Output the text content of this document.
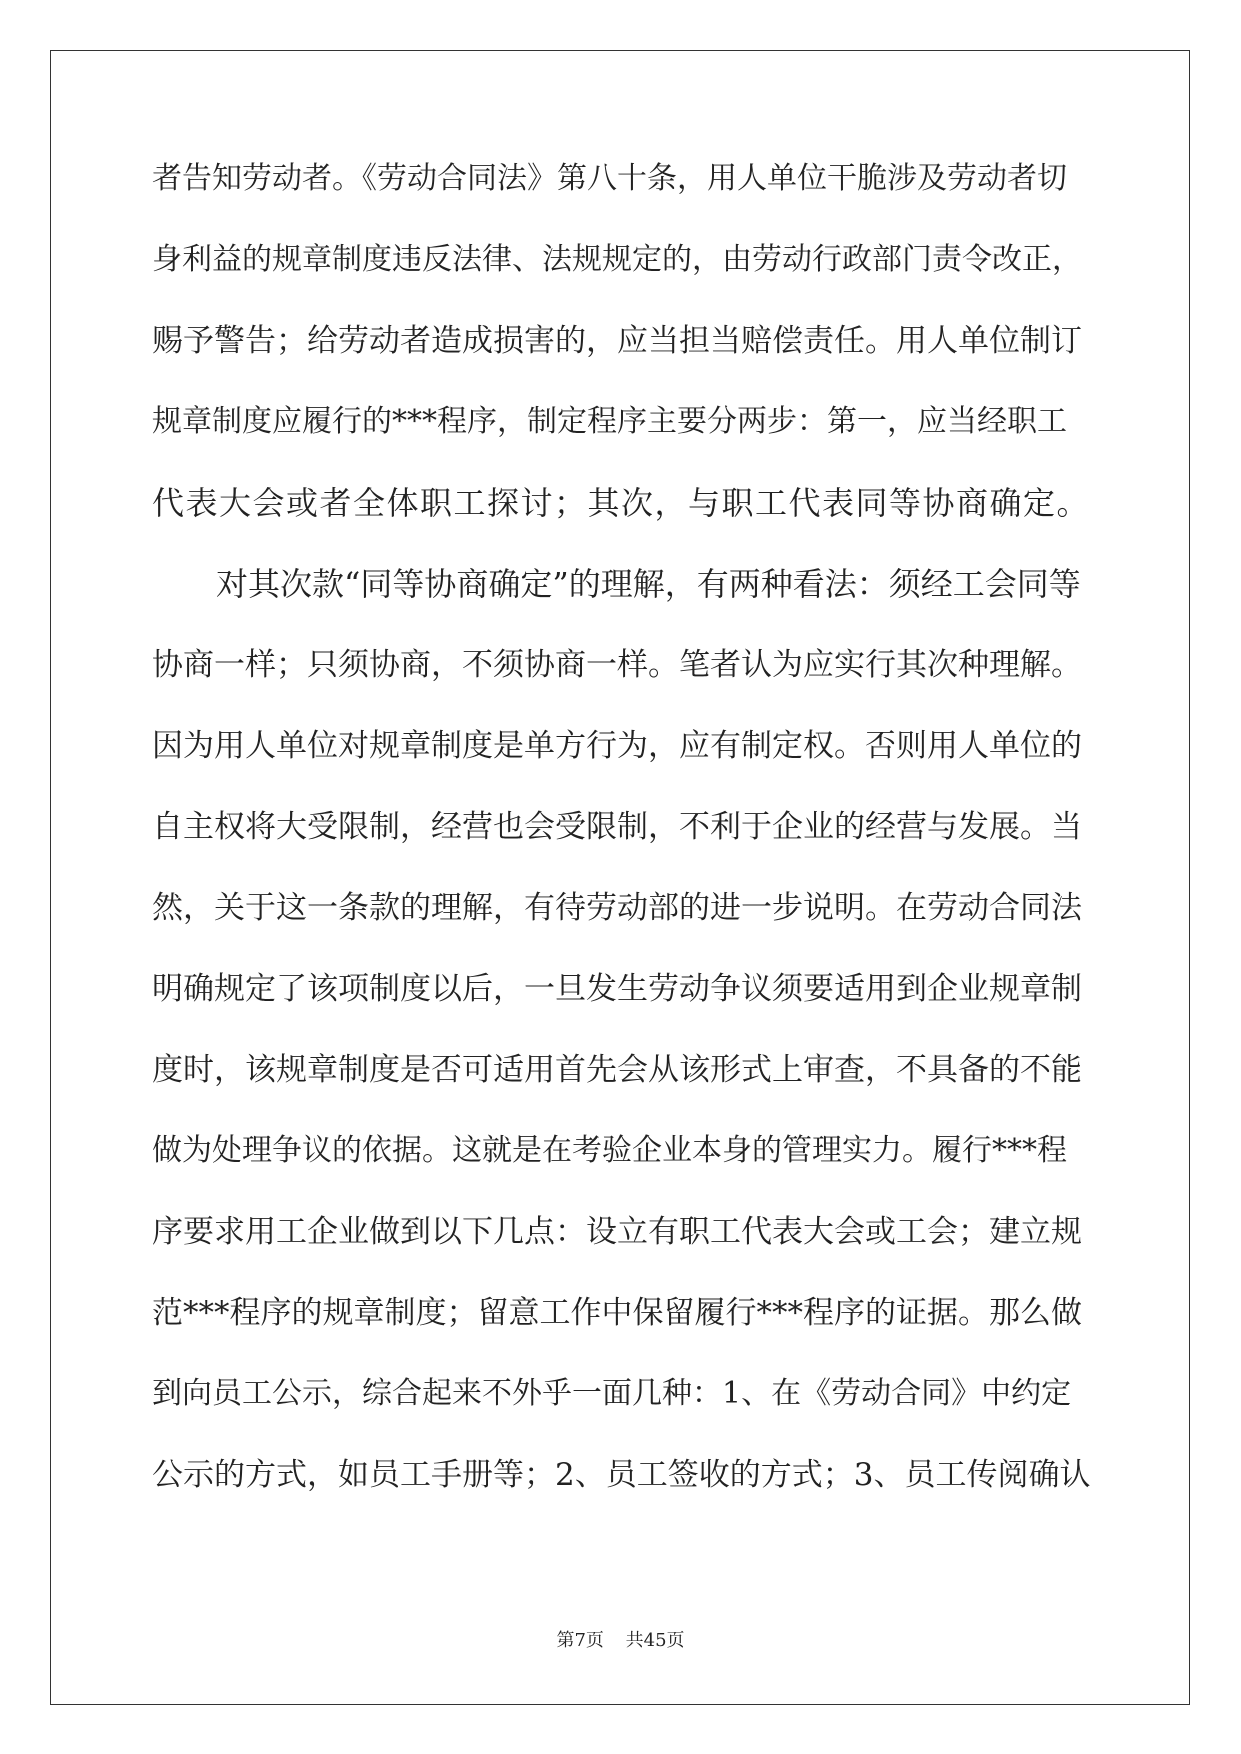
者告知劳动者。《劳动合同法》第八十条，用人单位干脆涉及劳动者切
身利益的规章制度违反法律、法规规定的，由劳动行政部门责令改正，
赐予警告；给劳动者造成损害的，应当担当赔偿责任。用人单位制订
规章制度应履行的***程序，制定程序主要分两步：第一，应当经职工
代表大会或者全体职工探讨；其次，与职工代表同等协商确定。
　　对其次款“同等协商确定”的理解，有两种看法：须经工会同等
协商一样；只须协商，不须协商一样。笔者认为应实行其次种理解。
因为用人单位对规章制度是单方行为，应有制定权。否则用人单位的
自主权将大受限制，经营也会受限制，不利于企业的经营与发展。当
然，关于这一条款的理解，有待劳动部的进一步说明。在劳动合同法
明确规定了该项制度以后，一旦发生劳动争议须要适用到企业规章制
度时，该规章制度是否可适用首先会从该形式上审查，不具备的不能
做为处理争议的依据。这就是在考验企业本身的管理实力。履行***程
序要求用工企业做到以下几点：设立有职工代表大会或工会；建立规
范***程序的规章制度；留意工作中保留履行***程序的证据。那么做
到向员工公示，综合起来不外乎一面几种：1、在《劳动合同》中约定
公示的方式，如员工手册等；2、员工签收的方式；3、员工传阅确认
第7页 共45页
